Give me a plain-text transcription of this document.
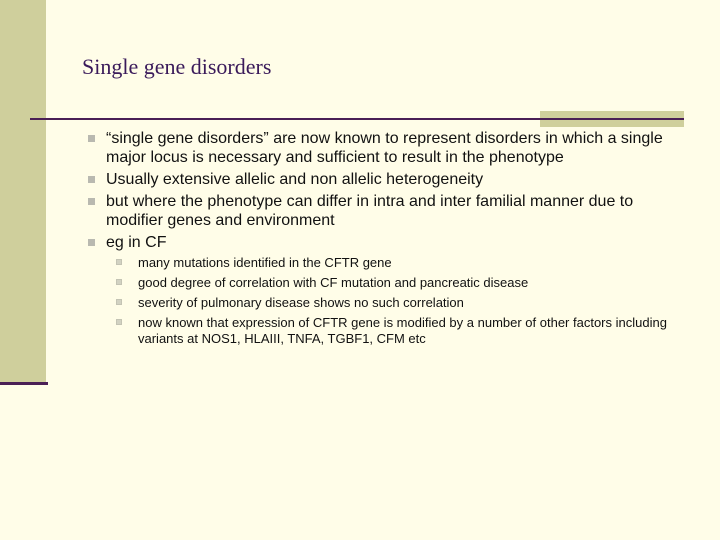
Single gene disorders
“single gene disorders” are now known to represent disorders in which a single major locus is necessary and sufficient to result in the phenotype
Usually extensive allelic and non allelic heterogeneity
but where the phenotype can differ in intra and inter familial manner due to modifier genes and environment
eg in CF
many mutations identified in the CFTR gene
good degree of correlation with CF mutation and pancreatic disease
severity of pulmonary disease shows no such correlation
now known that expression of CFTR gene is modified by a number of other factors including variants at NOS1, HLAIII, TNFA, TGBF1, CFM etc
